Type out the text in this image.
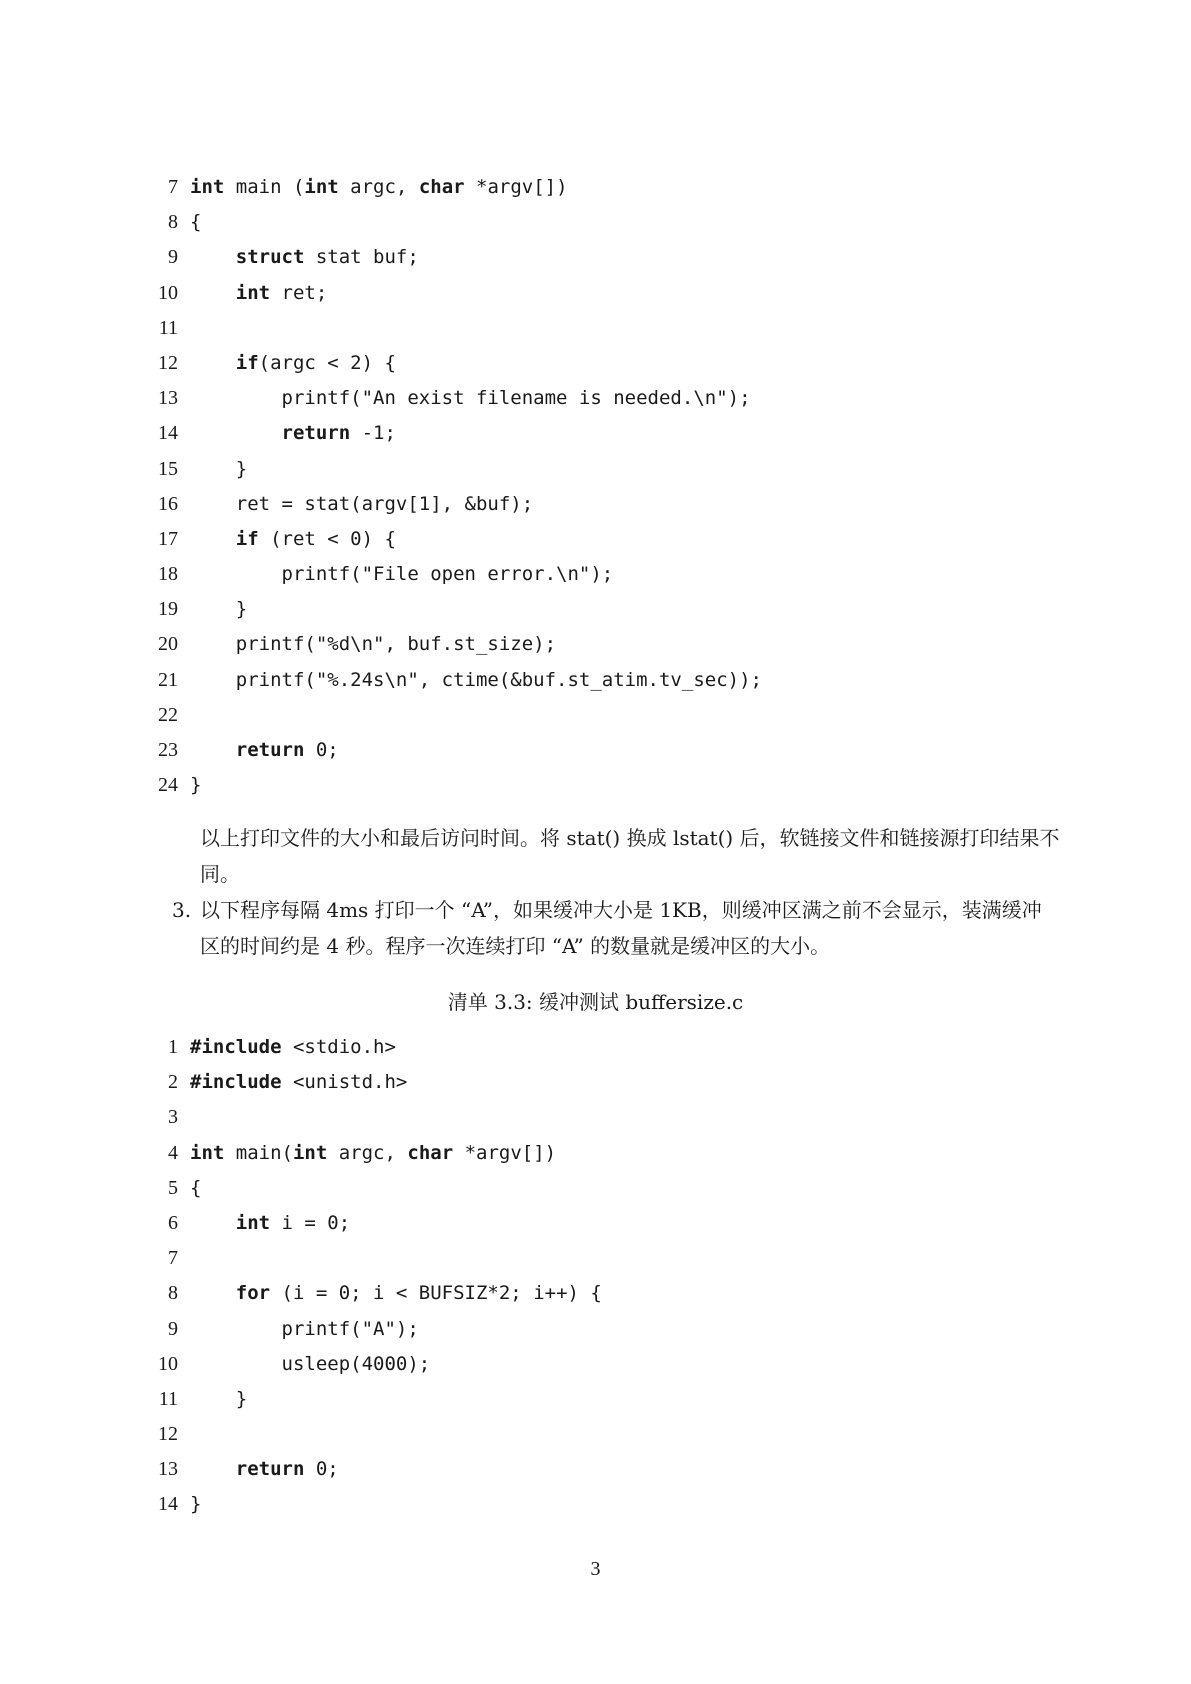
7 int main (int argc, char *argv[])
8 {
9	struct stat buf;
10	int ret;
11
12	if(argc < 2) {
13 printf("An exist filename is needed.\n");
14	return -1;
15 }
16 ret = stat(argv[1], &buf);
17	if (ret < 0) {
18 printf("File open error.\n");
19 }
20 printf("%d\n", buf.st_size);
21 printf("%.24s\n", ctime(&buf.st_atim.tv_sec));
22
23	return 0;
24 }
以上打印文件的大小和最后访问时间。将 stat() 换成 lstat() 后，软链接文件和链接源打印结果不同。
3. 以下程序每隔 4ms 打印一个 “A”，如果缓冲大小是 1KB，则缓冲区满之前不会显示，装满缓冲区的时间约是 4 秒。程序一次连续打印 “A” 的数量就是缓冲区的大小。
清单 3.3: 缓冲测试 buffersize.c
1 #include <stdio.h>
2 #include <unistd.h>
3
4 int main(int argc, char *argv[])
5 {
6	int i = 0;
7
8	for (i = 0; i < BUFSIZ*2; i++) {
9 printf("A");
10 usleep(4000);
11 }
12
13	return 0;
14 }
3
